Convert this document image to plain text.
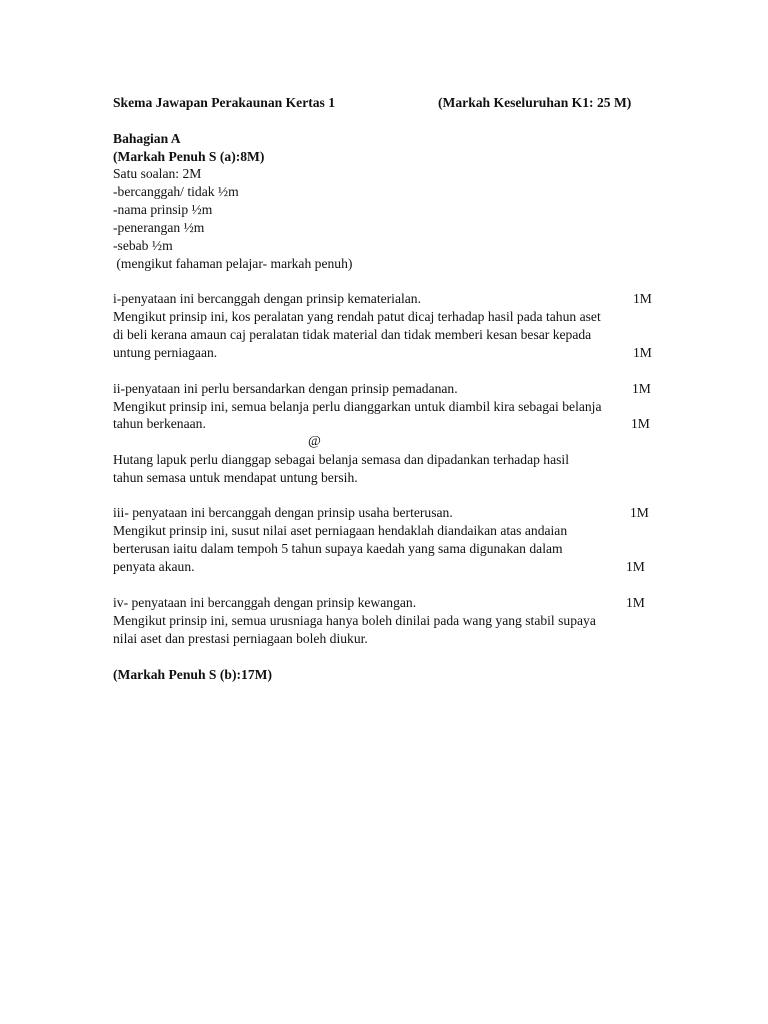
Skema Jawapan Perakaunan Kertas 1	(Markah Keseluruhan K1: 25 M)
Bahagian A
(Markah Penuh S (a):8M)
Satu soalan: 2M
-bercanggah/ tidak ½m
-nama prinsip ½m
-penerangan ½m
-sebab ½m
(mengikut fahaman pelajar- markah penuh)
i-penyataan ini bercanggah dengan prinsip kematerialan.	1M
Mengikut prinsip ini, kos peralatan yang rendah patut dicaj terhadap hasil pada tahun aset
di beli kerana amaun caj peralatan tidak material dan tidak memberi kesan besar kepada
untung perniagaan.	1M
ii-penyataan ini perlu bersandarkan dengan prinsip pemadanan.	1M
Mengikut prinsip ini, semua belanja perlu dianggarkan untuk diambil kira sebagai belanja
tahun berkenaan.	1M
@
Hutang lapuk perlu dianggap sebagai belanja semasa dan dipadankan terhadap hasil
tahun semasa untuk mendapat untung bersih.
iii- penyataan ini bercanggah dengan prinsip usaha berterusan.	1M
Mengikut prinsip ini, susut nilai aset perniagaan hendaklah diandaikan atas andaian
berterusan iaitu dalam tempoh 5 tahun supaya kaedah yang sama digunakan dalam
penyata akaun.	1M
iv- penyataan ini bercanggah dengan prinsip kewangan.	1M
Mengikut prinsip ini, semua urusniaga hanya boleh dinilai pada wang yang stabil supaya
nilai aset dan prestasi perniagaan boleh diukur.
(Markah Penuh S (b):17M)
